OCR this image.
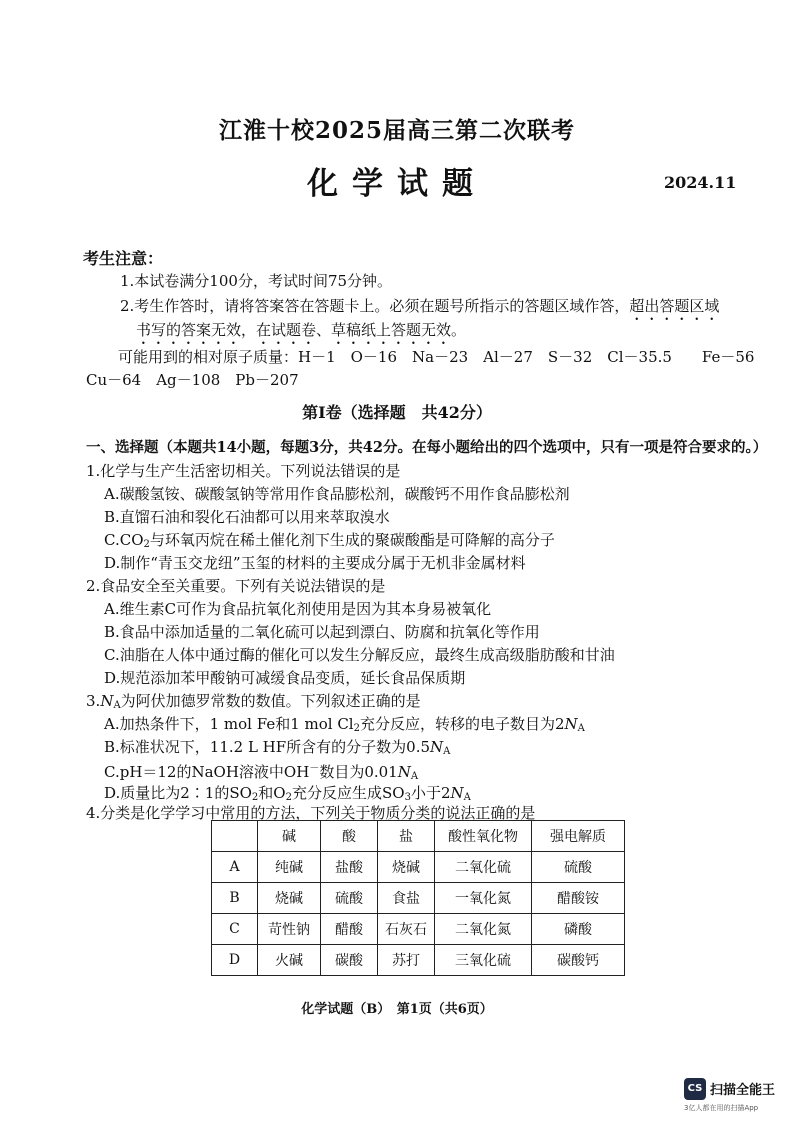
江淮十校2025届高三第二次联考
化学试题	2024.11
考生注意：
1.本试卷满分100分，考试时间75分钟。
2.考生作答时，请将答案答在答题卡上。必须在题号所指示的答题区域作答，超出答题区域
书写的答案无效，在试题卷、草稿纸上答题无效。
可能用到的相对原子质量：H－1　O－16　Na－23　Al－27　S－32　Cl－35.5　　Fe－56
Cu－64　Ag－108　Pb－207
第Ⅰ卷（选择题　共42分）
一、选择题（本题共14小题，每题3分，共42分。在每小题给出的四个选项中，只有一项是符合要求的。）
1.化学与生产生活密切相关。下列说法错误的是
A.碳酸氢铵、碳酸氢钠等常用作食品膨松剂，碳酸钙不用作食品膨松剂
B.直馏石油和裂化石油都可以用来萃取溴水
$C.CO_2$与环氧丙烷在稀土催化剂下生成的聚碳酸酯是可降解的高分子
D.制作“青玉交龙纽”玉玺的材料的主要成分属于无机非金属材料
2.食品安全至关重要。下列有关说法错误的是
A.维生素C可作为食品抗氧化剂使用是因为其本身易被氧化
B.食品中添加适量的二氧化硫可以起到漂白、防腐和抗氧化等作用
C.油脂在人体中通过酶的催化可以发生分解反应，最终生成高级脂肪酸和甘油
D.规范添加苯甲酸钠可减缓食品变质，延长食品保质期
$3.N_A$为阿伏加德罗常数的数值。下列叙述正确的是
A.加热条件下，1 mol Fe和1 mol $Cl_2$充分反应，转移的电子数目为$2N_A$
B.标准状况下，11.2 L HF所含有的分子数为$0.5N_A$
C.pH＝12的NaOH溶液中OH－数目为$0.01N_A$
D.质量比为2∶1的$SO_2$和$O_2$充分反应生成$SO_3$小于$2N_A$
4.分类是化学学习中常用的方法，下列关于物质分类的说法正确的是
	碱	酸	盐	酸性氧化物	强电解质
A	纯碱	盐酸	烧碱	二氧化硫	硫酸
B	烧碱	硫酸	食盐	一氧化氮	醋酸铵
C	苛性钠	醋酸	石灰石	二氧化氮	磷酸
D	火碱	碳酸	苏打	三氧化硫	碳酸钙
化学试题（B）　第1页（共6页）
CS 扫描全能王
3亿人都在用的扫描App
